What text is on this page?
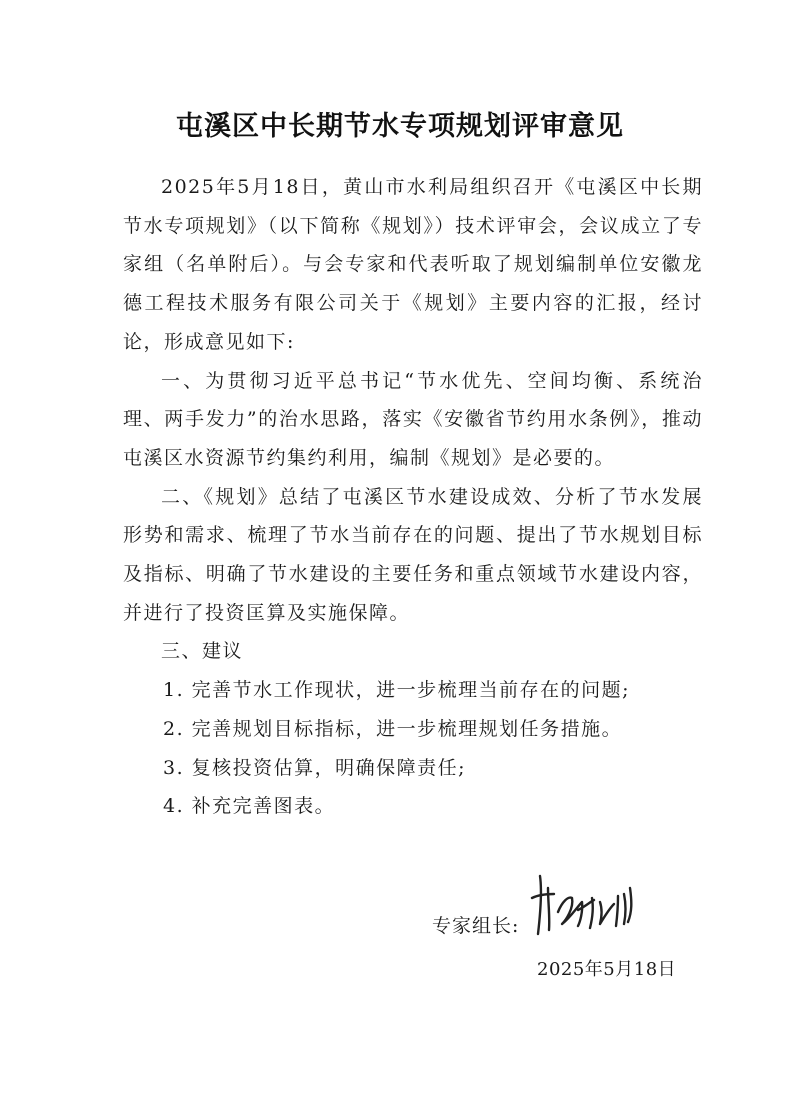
屯溪区中长期节水专项规划评审意见

2025年5月18日，黄山市水利局组织召开《屯溪区中长期节水专项规划》（以下简称《规划》）技术评审会，会议成立了专家组（名单附后）。与会专家和代表听取了规划编制单位安徽龙德工程技术服务有限公司关于《规划》主要内容的汇报，经讨论，形成意见如下:

一、为贯彻习近平总书记“节水优先、空间均衡、系统治理、两手发力”的治水思路，落实《安徽省节约用水条例》，推动屯溪区水资源节约集约利用，编制《规划》是必要的。

二、《规划》总结了屯溪区节水建设成效、分析了节水发展形势和需求、梳理了节水当前存在的问题、提出了节水规划目标及指标、明确了节水建设的主要任务和重点领域节水建设内容，并进行了投资匡算及实施保障。

三、建议

1. 完善节水工作现状，进一步梳理当前存在的问题;

2. 完善规划目标指标，进一步梳理规划任务措施。

3. 复核投资估算，明确保障责任;

4. 补充完善图表。

专家组长:
2025年5月18日
